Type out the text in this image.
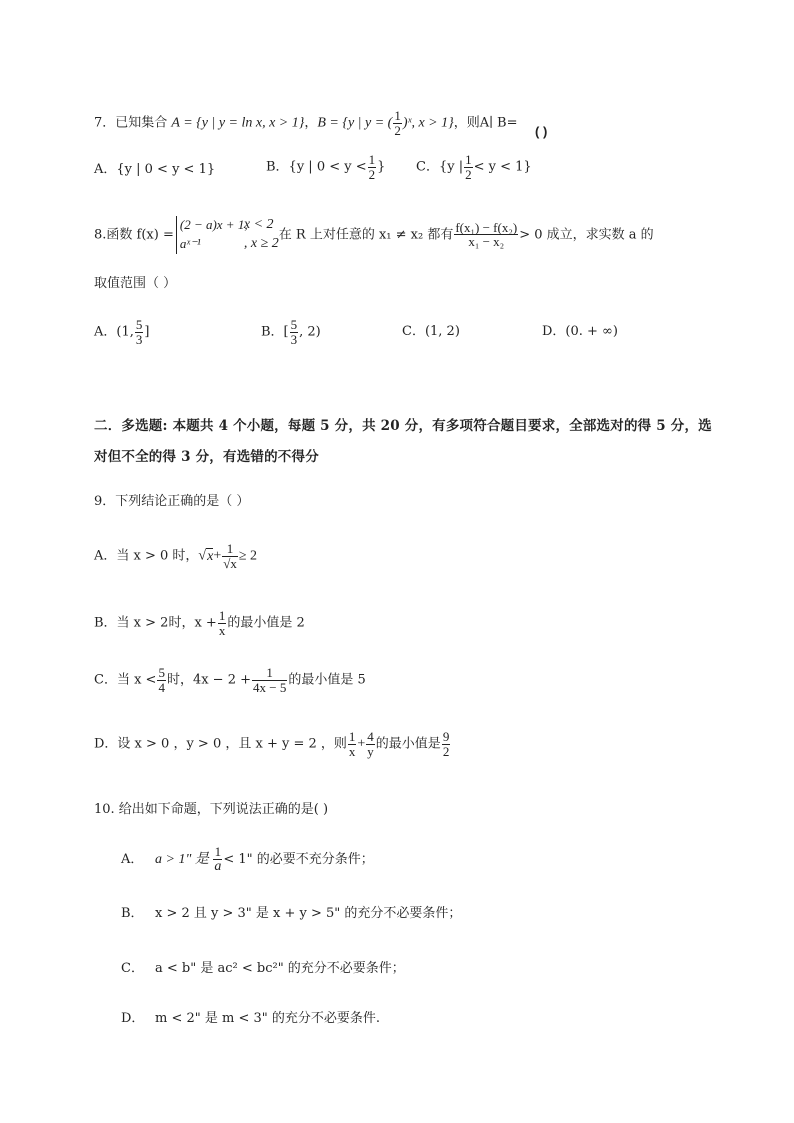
7．已知集合 A = {y | y = ln x, x > 1}，B = {y | y = ( $\frac{1}{2}$ )ˣ, x > 1}，则A∣ B=
( )
A．{y | 0 < y < 1}	B．{y | $0 < y < \frac{1}{2}$ } C．{y | $\frac{1}{2} < y < 1$}
8.函数 f(x) =
(2 − a)x + 1,
x < 2
aˣ⁻¹	, x ≥ 2
在 R 上对任意的 x₁ ≠ x₂ 都有 $\frac{\text{f(x₁) − f(x₂)}}{\text{x₁ − x₂}} > 0$ 成立，求实数 a 的
取值范围（ ）
A．(1, $\frac{5}{3}$ ]	B．[ $\frac{5}{3}$ , 2)	C．(1, 2)	D．(0. + ∞)
二．多选题: 本题共 4 个小题，每题 5 分，共 20 分，有多项符合题目要求，全部选对的得 5 分，选
对但不全的得 3 分，有选错的不得分
9．下列结论正确的是（ ）
A．当 x > 0 时，$√x+ \frac{1}{√x} \ge 2$
B．当 x > 2时，$x + \frac{1}{x}$ 的最小值是 2
C．当 $x < \frac{5}{4}$ 时，$4x - 2 + \frac{1}{4x - 5}$ 的最小值是 5
D．设 x > 0 ，y > 0 ，且 x + y = 2 ，则 $\frac{1}{x} + \frac{4}{y}$ 的最小值是 $\frac{9}{2}$
10. 给出如下命题，下列说法正确的是( )
A． a > 1" 是 $\frac{1}{a} < 1$" 的必要不充分条件；
B． x > 2 且 y > 3" 是 x + y > 5" 的充分不必要条件；
C． a < b" 是 ac² < bc²" 的充分不必要条件；
D． m < 2" 是 m < 3" 的充分不必要条件.
